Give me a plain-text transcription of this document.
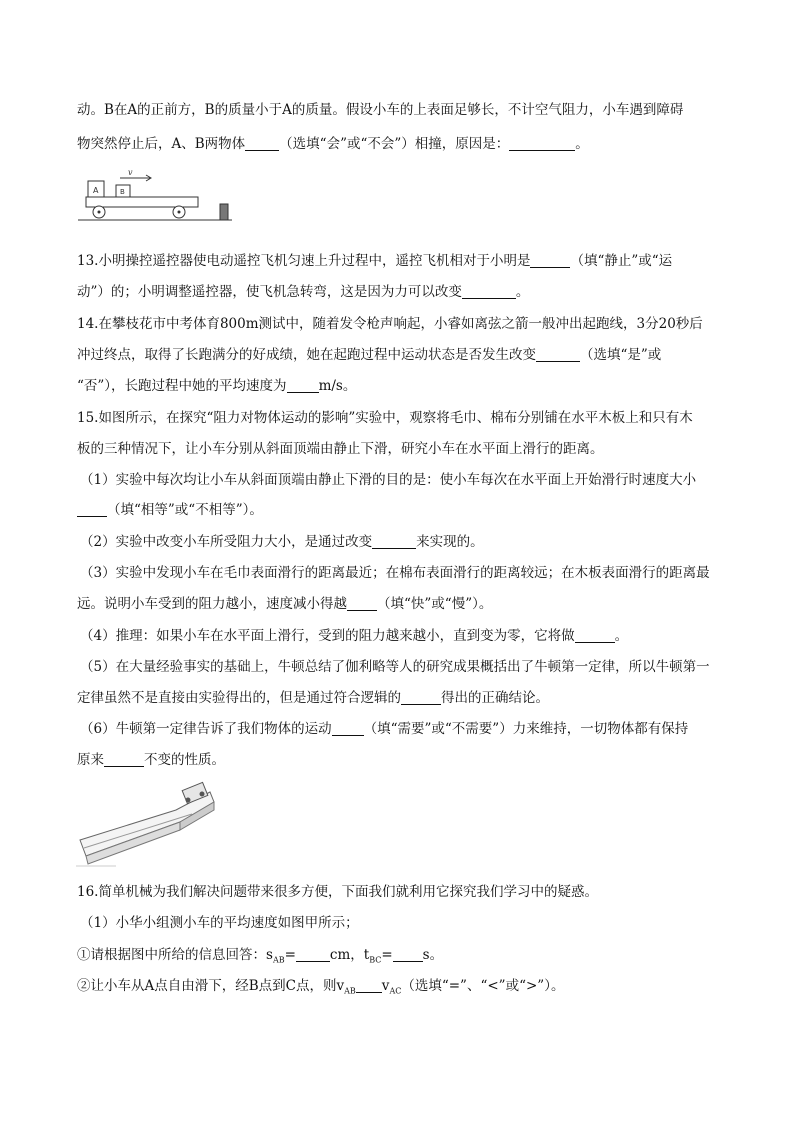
动。B在A的正前方，B的质量小于A的质量。假设小车的上表面足够长，不计空气阻力，小车遇到障碍
物突然停止后，A、B两物体	（选填“会”或“不会”）相撞，原因是：	。
A	B
v
13.小明操控遥控器使电动遥控飞机匀速上升过程中，遥控飞机相对于小明是	（填“静止”或“运
动”）的；小明调整遥控器，使飞机急转弯，这是因为力可以改变	。
14.在攀枝花市中考体育800m测试中，随着发令枪声响起，小睿如离弦之箭一般冲出起跑线，3分20秒后
冲过终点，取得了长跑满分的好成绩，她在起跑过程中运动状态是否发生改变	（选填“是”或
“否”），长跑过程中她的平均速度为 m/s。
15.如图所示，在探究“阻力对物体运动的影响”实验中，观察将毛巾、棉布分别铺在水平木板上和只有木
板的三种情况下，让小车分别从斜面顶端由静止下滑，研究小车在水平面上滑行的距离。
（1）实验中每次均让小车从斜面顶端由静止下滑的目的是：使小车每次在水平面上开始滑行时速度大小
（填“相等”或“不相等”）。
（2）实验中改变小车所受阻力大小，是通过改变	来实现的。
（3）实验中发现小车在毛巾表面滑行的距离最近；在棉布表面滑行的距离较远；在木板表面滑行的距离最
远。说明小车受到的阻力越小，速度减小得越 （填“快”或“慢”）。
（4）推理：如果小车在水平面上滑行，受到的阻力越来越小，直到变为零，它将做	。
（5）在大量经验事实的基础上，牛顿总结了伽利略等人的研究成果概括出了牛顿第一定律，所以牛顿第一
定律虽然不是直接由实验得出的，但是通过符合逻辑的	得出的正确结论。
（6）牛顿第一定律告诉了我们物体的运动 （填“需要”或“不需要”）力来维持，一切物体都有保持
原来	不变的性质。
16.简单机械为我们解决问题带来很多方便，下面我们就利用它探究我们学习中的疑惑。
（1）小华小组测小车的平均速度如图甲所示；
①请根据图中所给的信息回答：$s_{AB}=$	cm，$t_{BC}= s$。
②让小车从A点自由滑下，经B点到C点，则$v_{AB}$ $v_{AC}$（选填“=”、“<”或“>”）。
